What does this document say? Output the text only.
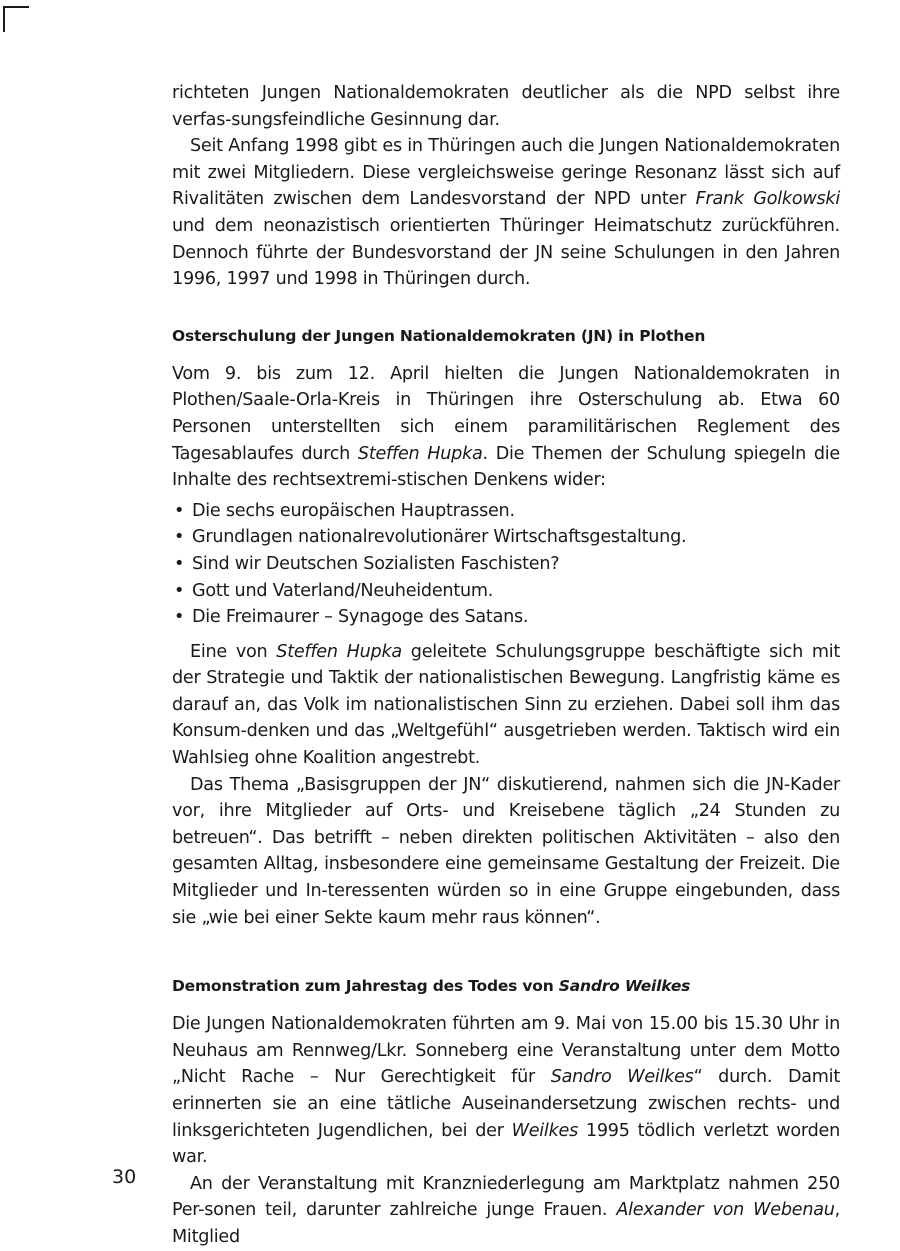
richteten Jungen Nationaldemokraten deutlicher als die NPD selbst ihre verfas-sungsfeindliche Gesinnung dar.

Seit Anfang 1998 gibt es in Thüringen auch die Jungen Nationaldemokraten mit zwei Mitgliedern. Diese vergleichsweise geringe Resonanz lässt sich auf Rivalitäten zwischen dem Landesvorstand der NPD unter Frank Golkowski und dem neonazistisch orientierten Thüringer Heimatschutz zurückführen. Dennoch führte der Bundesvorstand der JN seine Schulungen in den Jahren 1996, 1997 und 1998 in Thüringen durch.

Osterschulung der Jungen Nationaldemokraten (JN) in Plothen

Vom 9. bis zum 12. April hielten die Jungen Nationaldemokraten in Plothen/Saale-Orla-Kreis in Thüringen ihre Osterschulung ab. Etwa 60 Personen unterstellten sich einem paramilitärischen Reglement des Tagesablaufes durch Steffen Hupka. Die Themen der Schulung spiegeln die Inhalte des rechtsextremi-stischen Denkens wider:

• Die sechs europäischen Hauptrassen.
• Grundlagen nationalrevolutionärer Wirtschaftsgestaltung.
• Sind wir Deutschen Sozialisten Faschisten?
• Gott und Vaterland/Neuheidentum.
• Die Freimaurer – Synagoge des Satans.

Eine von Steffen Hupka geleitete Schulungsgruppe beschäftigte sich mit der Strategie und Taktik der nationalistischen Bewegung. Langfristig käme es darauf an, das Volk im nationalistischen Sinn zu erziehen. Dabei soll ihm das Konsum-denken und das „Weltgefühl“ ausgetrieben werden. Taktisch wird ein Wahlsieg ohne Koalition angestrebt.

Das Thema „Basisgruppen der JN“ diskutierend, nahmen sich die JN-Kader vor, ihre Mitglieder auf Orts- und Kreisebene täglich „24 Stunden zu betreuen“. Das betrifft – neben direkten politischen Aktivitäten – also den gesamten Alltag, insbesondere eine gemeinsame Gestaltung der Freizeit. Die Mitglieder und In-teressenten würden so in eine Gruppe eingebunden, dass sie „wie bei einer Sekte kaum mehr raus können“.

Demonstration zum Jahrestag des Todes von Sandro Weilkes

Die Jungen Nationaldemokraten führten am 9. Mai von 15.00 bis 15.30 Uhr in Neuhaus am Rennweg/Lkr. Sonneberg eine Veranstaltung unter dem Motto „Nicht Rache – Nur Gerechtigkeit für Sandro Weilkes“ durch. Damit erinnerten sie an eine tätliche Auseinandersetzung zwischen rechts- und linksgerichteten Jugendlichen, bei der Weilkes 1995 tödlich verletzt worden war.

An der Veranstaltung mit Kranzniederlegung am Marktplatz nahmen 250 Per-sonen teil, darunter zahlreiche junge Frauen. Alexander von Webenau, Mitglied

30
